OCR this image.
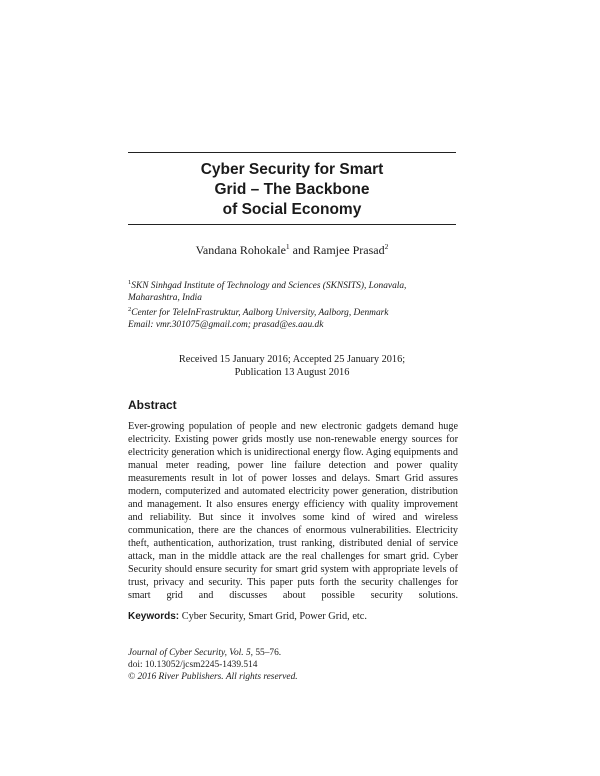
Cyber Security for Smart
Grid – The Backbone
of Social Economy
Vandana Rohokale$^1$ and Ramjee Prasad$^2$
$^1$SKN Sinhgad Institute of Technology and Sciences (SKNSITS), Lonavala,
Maharashtra, India
$^2$Center for TeleInFrastruktur, Aalborg University, Aalborg, Denmark
Email: vmr.301075@gmail.com; prasad@es.aau.dk
Received 15 January 2016; Accepted 25 January 2016;
Publication 13 August 2016
Abstract

Ever-growing population of people and new electronic gadgets demand huge electricity. Existing power grids mostly use non-renewable energy sources for electricity generation which is unidirectional energy flow. Aging equipments and manual meter reading, power line failure detection and power quality measurements result in lot of power losses and delays. Smart Grid assures modern, computerized and automated electricity power generation, distribution and management. It also ensures energy efficiency with quality improvement and reliability. But since it involves some kind of wired and wireless communication, there are the chances of enormous vulnerabilities. Electricity theft, authentication, authorization, trust ranking, distributed denial of service attack, man in the middle attack are the real challenges for smart grid. Cyber Security should ensure security for smart grid system with appropriate levels of trust, privacy and security. This paper puts forth the security challenges for smart grid and discusses about possible security solutions.

Keywords: Cyber Security, Smart Grid, Power Grid, etc.
Journal of Cyber Security, Vol. 5, 55–76.
doi: 10.13052/jcsm2245-1439.514
© 2016 River Publishers. All rights reserved.
